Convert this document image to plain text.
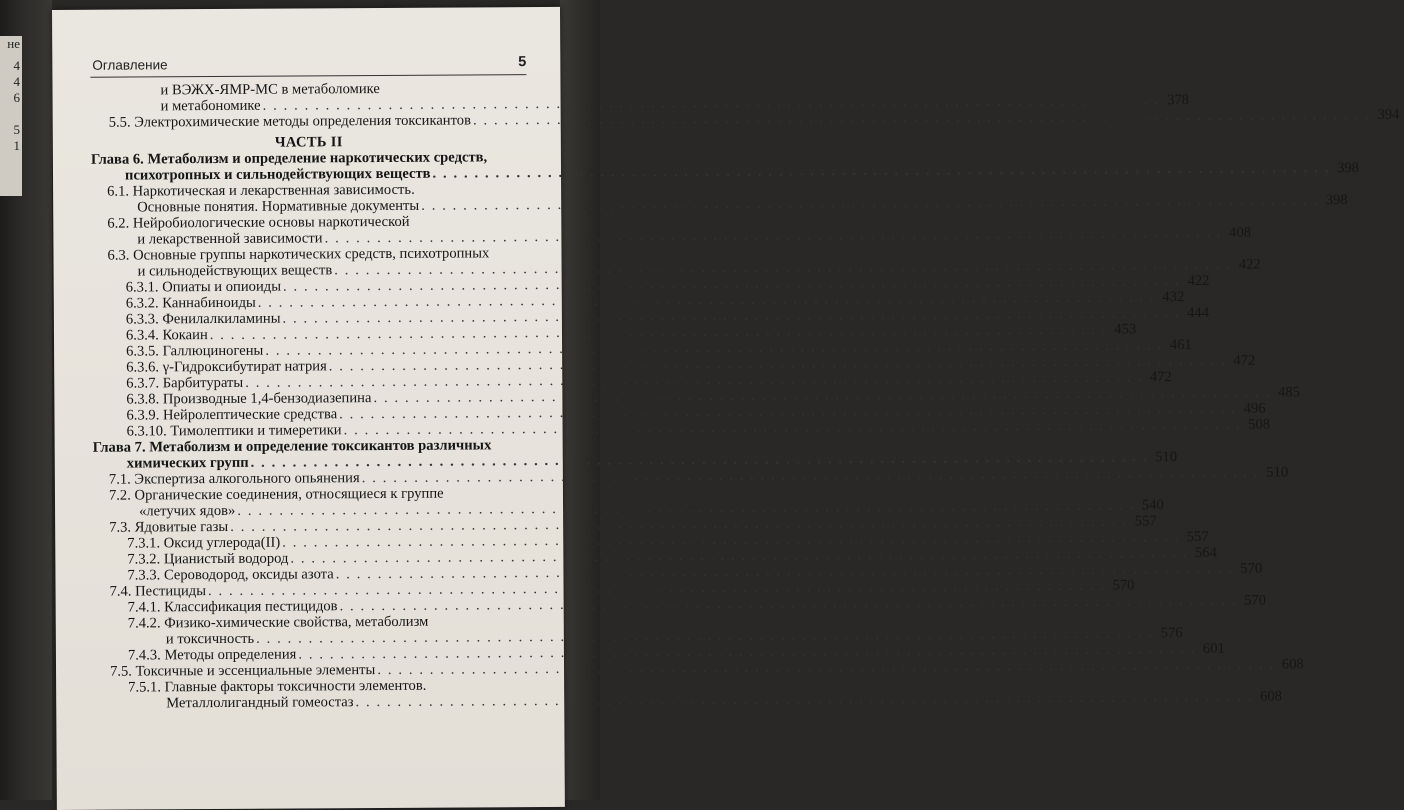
не
4
4
6
5
1
Оглавление	5
и ВЭЖХ-ЯМР-МС в метаболомике
и метабономике . . .	378
5.5. Электрохимические методы определения токсикантов . . .	394
ЧАСТЬ II
Глава 6. Метаболизм и определение наркотических средств,
психотропных и сильнодействующих веществ . . .	398
6.1. Наркотическая и лекарственная зависимость.
Основные понятия. Нормативные документы . . .	398
6.2. Нейробиологические основы наркотической
и лекарственной зависимости . . .	408
6.3. Основные группы наркотических средств, психотропных
и сильнодействующих веществ . . .	422
6.3.1. Опиаты и опиоиды . . .	422
6.3.2. Каннабиноиды . . .	432
6.3.3. Фенилалкиламины . . .	444
6.3.4. Кокаин . . .	453
6.3.5. Галлюциногены . . .	461
6.3.6. γ-Гидроксибутират натрия . . .	472
6.3.7. Барбитураты . . .	472
6.3.8. Производные 1,4-бензодиазепина . . .	485
6.3.9. Нейролептические средства . . .	496
6.3.10. Тимолептики и тимеретики . . .	508
Глава 7. Метаболизм и определение токсикантов различных
химических групп . . .	510
7.1. Экспертиза алкогольного опьянения . . .	510
7.2. Органические соединения, относящиеся к группе
«летучих ядов» . . .	540
7.3. Ядовитые газы . . .	557
7.3.1. Оксид углерода(II) . . .	557
7.3.2. Цианистый водород . . .	564
7.3.3. Сероводород, оксиды азота . . .	570
7.4. Пестициды . . .	570
7.4.1. Классификация пестицидов . . .	570
7.4.2. Физико-химические свойства, метаболизм
и токсичность . . .	576
7.4.3. Методы определения . . .	601
7.5. Токсичные и эссенциальные элементы . . .	608
7.5.1. Главные факторы токсичности элементов.
Металлолигандный гомеостаз . . .	608
